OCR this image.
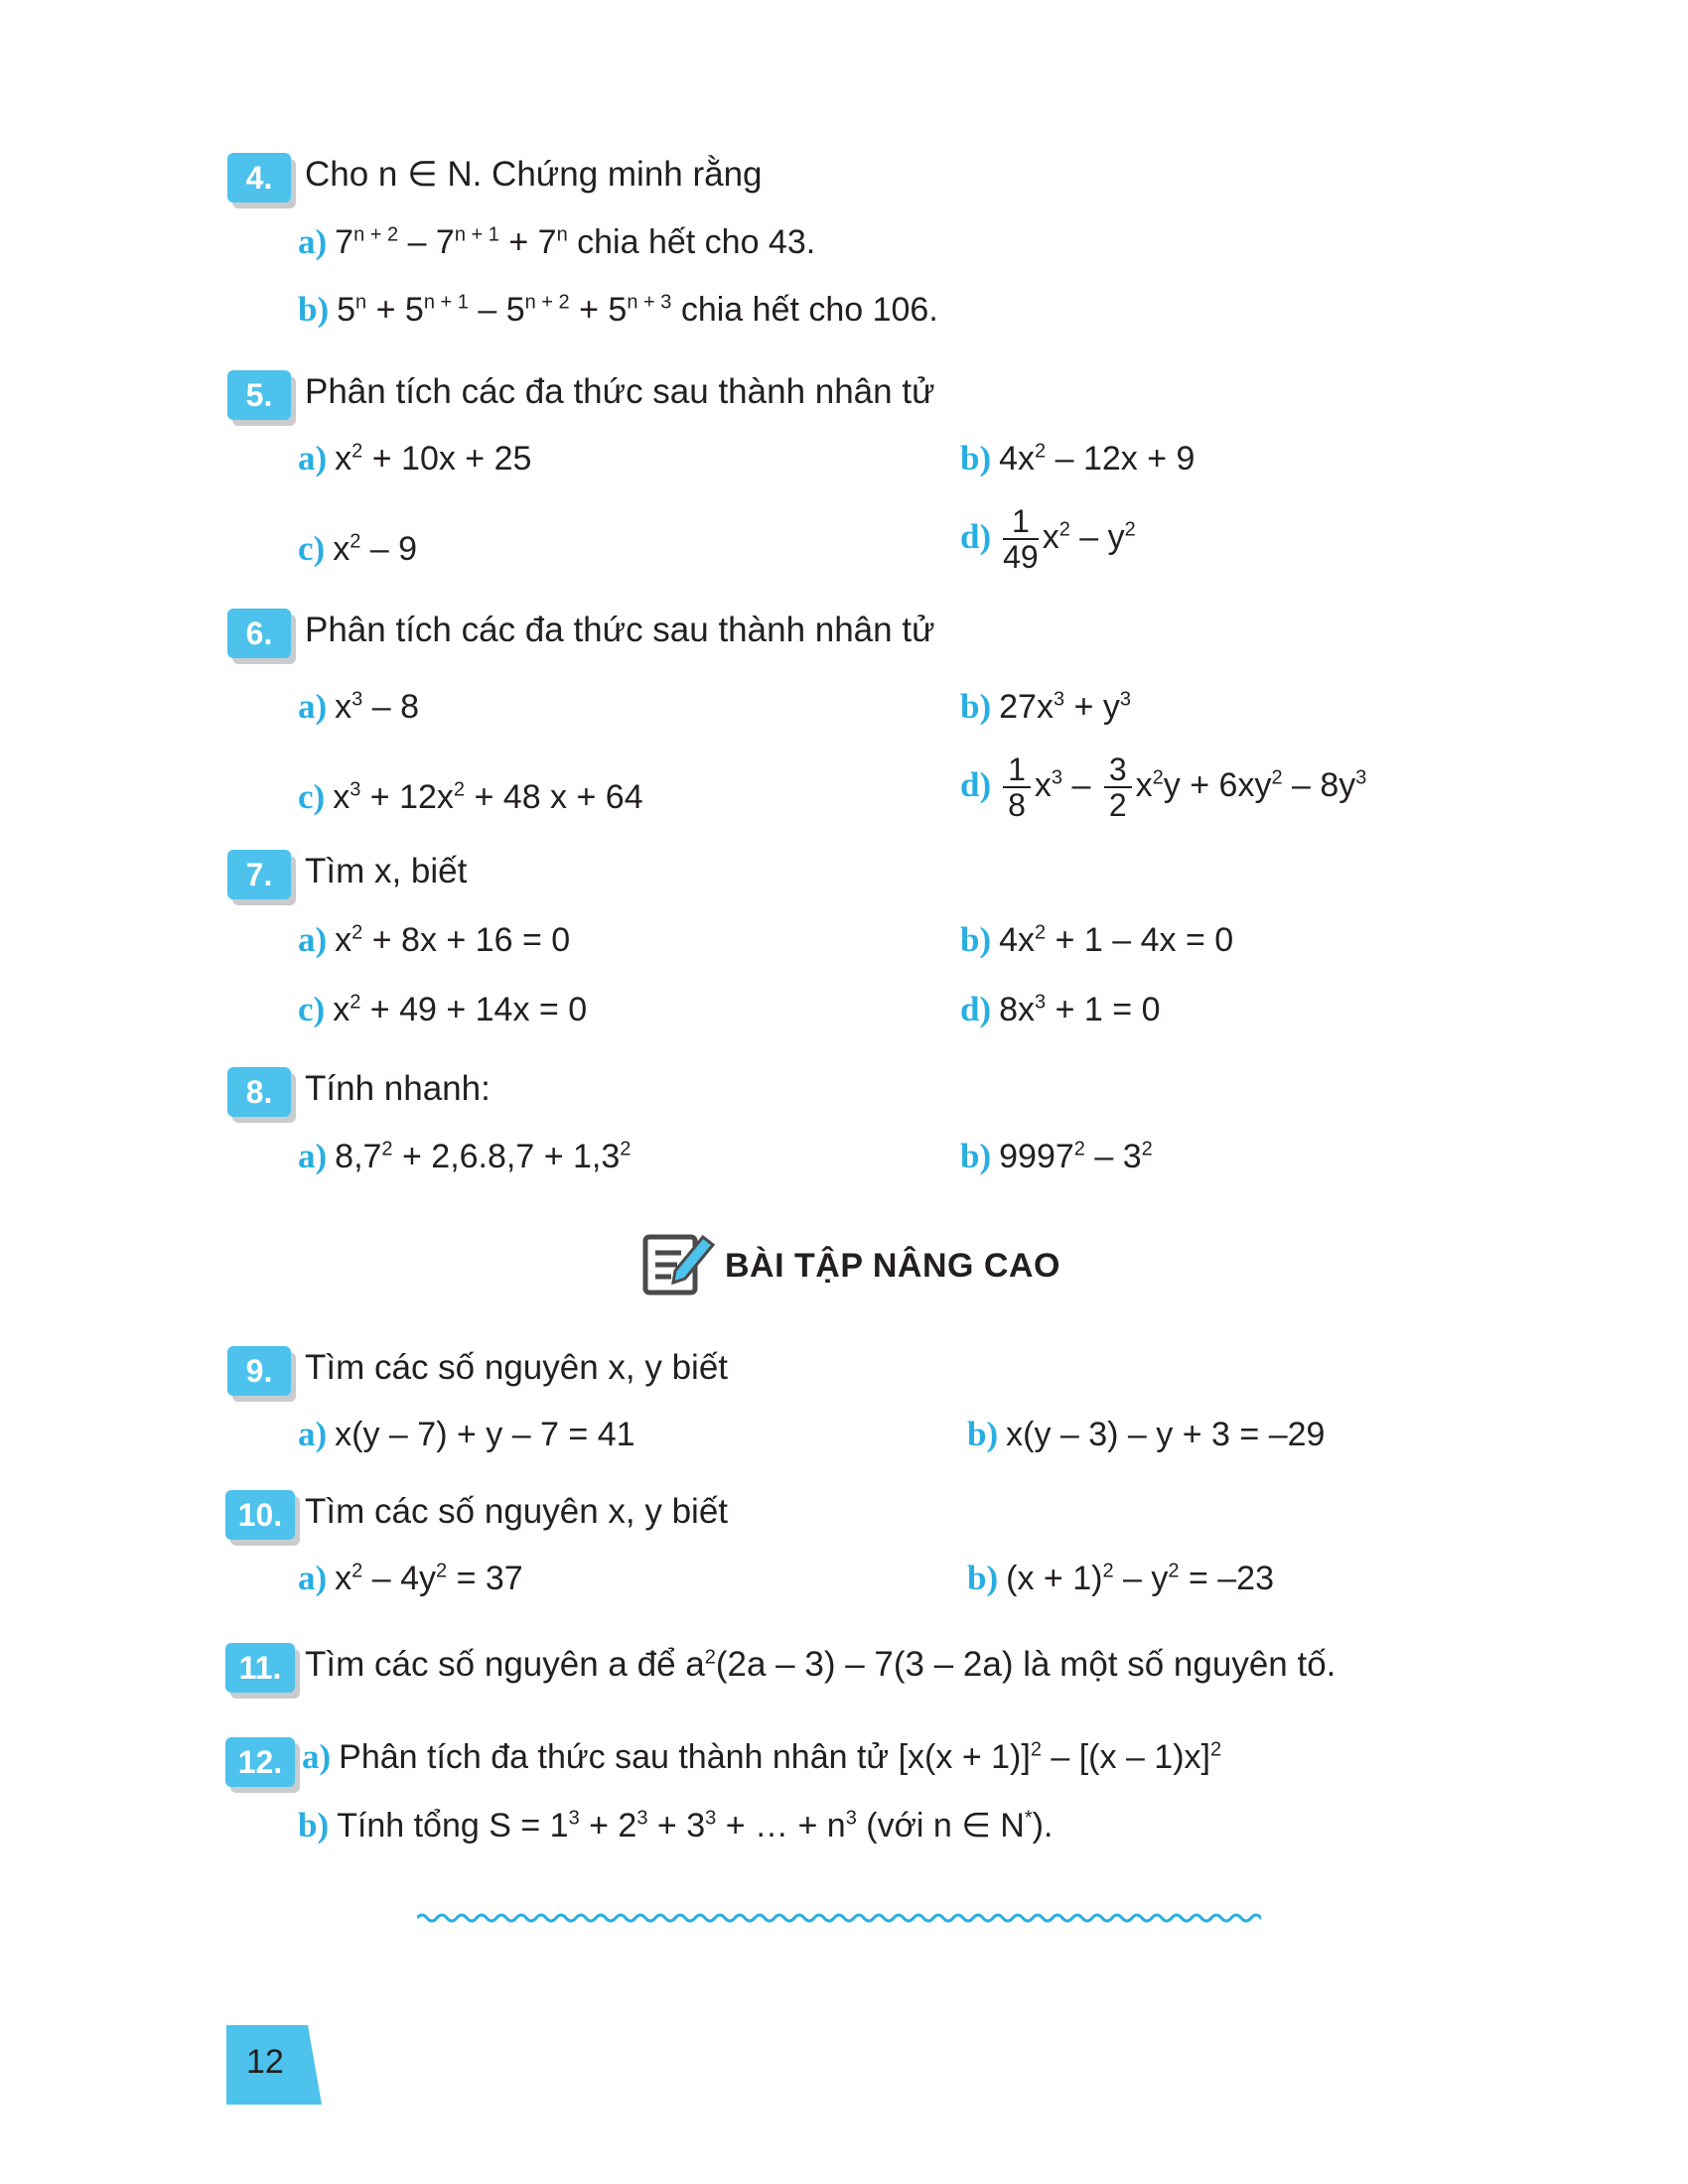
4. Cho n ∈ N. Chứng minh rằng
a) $7^{n + 2} - 7^{n + 1} + 7^n$ chia hết cho 43.
b) $5^n + 5^{n + 1} - 5^{n + 2} + 5^{n + 3}$ chia hết cho 106.
5. Phân tích các đa thức sau thành nhân tử
a) $x^2 + 10x + 25$	b) $4x^2 - 12x + 9$
c) $x^2 - 9$	$d) \frac{1}{49} x^2 - y^2$
6. Phân tích các đa thức sau thành nhân tử
a) $x^3 - 8$	b) $27x^3 + y^3$
c) $x^3 + 12x^2 + 48$ x + 64	$d) \frac{1}{8} x^3 - \frac{3}{2} x^2y + 6xy^2 - 8y^3$
7. Tìm x, biết
a) $x^2 + 8x + 16 = 0$	b) $4x^2 + 1 - 4x = 0$
c) $x^2 + 49 + 14x = 0$	d) $8x^3 + 1 = 0$
8. Tính nhanh:
a) $8,7^2 + 2,6.8,7 + 1,3^2$	b) $9997^2 - 3^2$
BÀI TẬP NÂNG CAO
9. Tìm các số nguyên x, y biết
a) x(y – 7) + y – 7 = 41	b) x(y – 3) – y + 3 = –29
10. Tìm các số nguyên x, y biết
a) $x^2 - 4y^2 = 37$	b) $(x + 1)^2 - y^2 = -23$
11. Tìm các số nguyên a để $a^2(2a - 3) - 7(3 - 2a)$ là một số nguyên tố.
12. a) Phân tích đa thức sau thành nhân tử $[x(x + 1)]^2 - [(x - 1)x]^2$
b) Tính tổng $S = 1^3 + 2^3 + 3^3$ + … + $n^3$ (với n ∈ N*).
12
